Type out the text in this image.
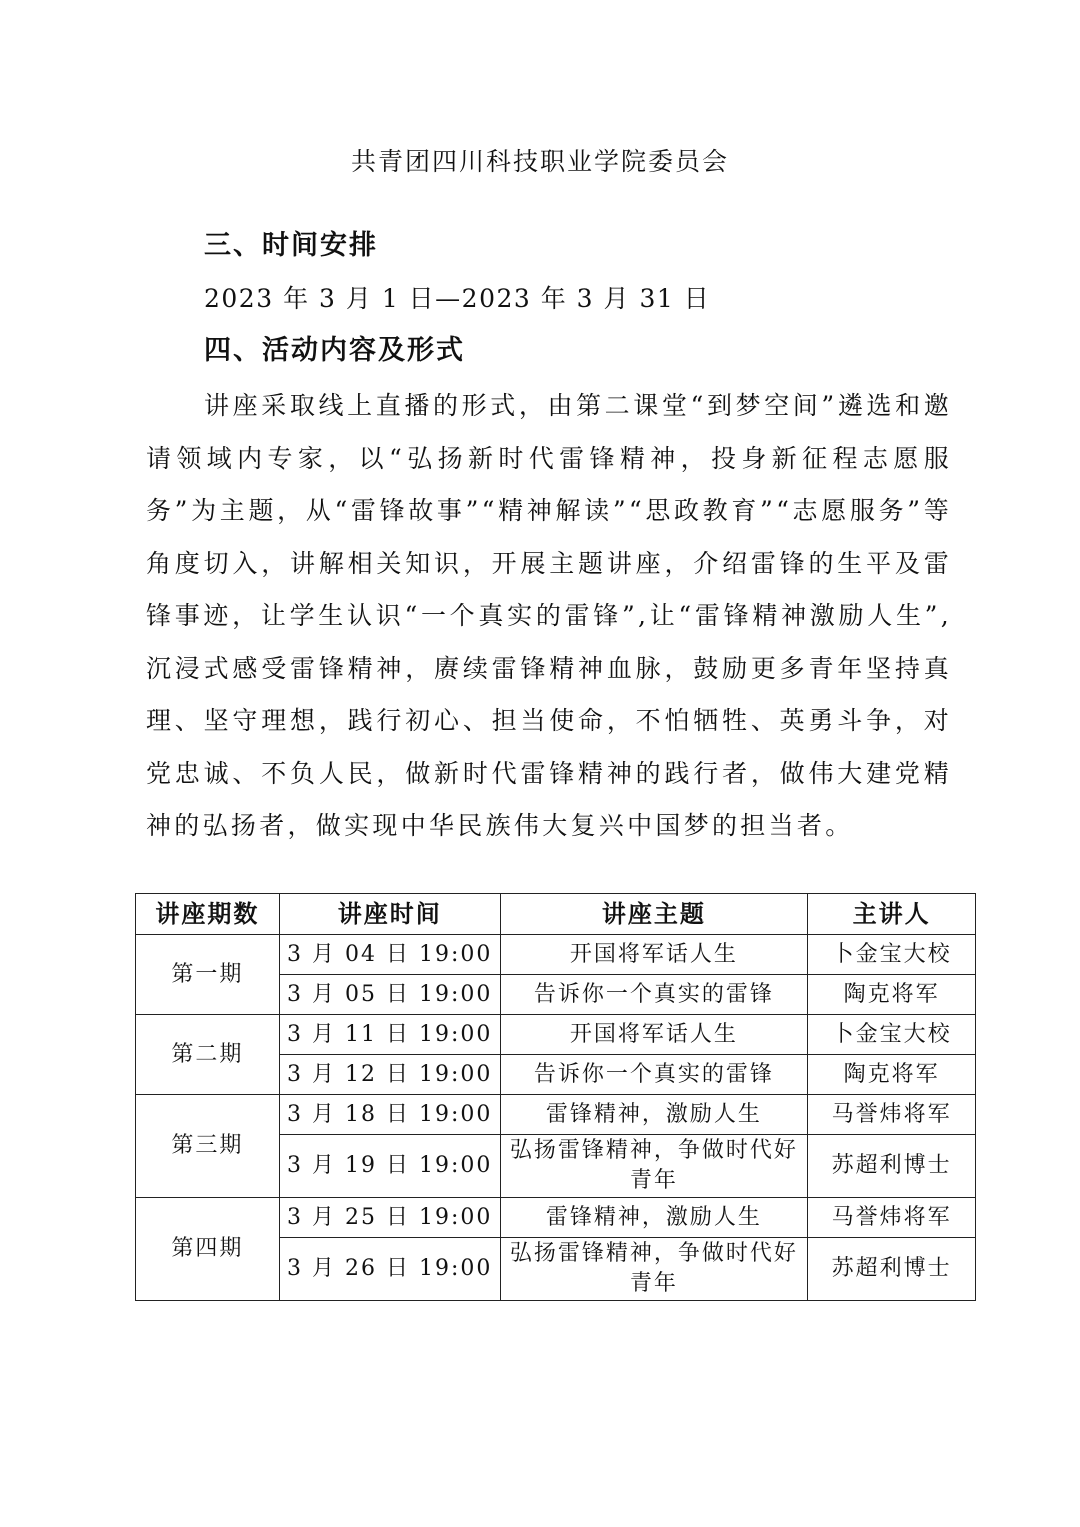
共青团四川科技职业学院委员会
三、时间安排
2023 年 3 月 1 日—2023 年 3 月 31 日
四、活动内容及形式
讲座采取线上直播的形式，由第二课堂“到梦空间”遴选和邀请领域内专家，以“弘扬新时代雷锋精神，投身新征程志愿服务”为主题，从“雷锋故事”“精神解读”“思政教育”“志愿服务”等角度切入，讲解相关知识，开展主题讲座，介绍雷锋的生平及雷锋事迹，让学生认识“一个真实的雷锋”,让“雷锋精神激励人生”,沉浸式感受雷锋精神，赓续雷锋精神血脉，鼓励更多青年坚持真理、坚守理想，践行初心、担当使命，不怕牺牲、英勇斗争，对党忠诚、不负人民，做新时代雷锋精神的践行者，做伟大建党精神的弘扬者，做实现中华民族伟大复兴中国梦的担当者。
讲座期数	讲座时间	讲座主题	主讲人
第一期	3 月 04 日 19:00	开国将军话人生	卜金宝大校
	3 月 05 日 19:00	告诉你一个真实的雷锋	陶克将军
第二期	3 月 11 日 19:00	开国将军话人生	卜金宝大校
	3 月 12 日 19:00	告诉你一个真实的雷锋	陶克将军
第三期	3 月 18 日 19:00	雷锋精神，激励人生	马誉炜将军
	3 月 19 日 19:00	弘扬雷锋精神，争做时代好青年	苏超利博士
第四期	3 月 25 日 19:00	雷锋精神，激励人生	马誉炜将军
	3 月 26 日 19:00	弘扬雷锋精神，争做时代好青年	苏超利博士
